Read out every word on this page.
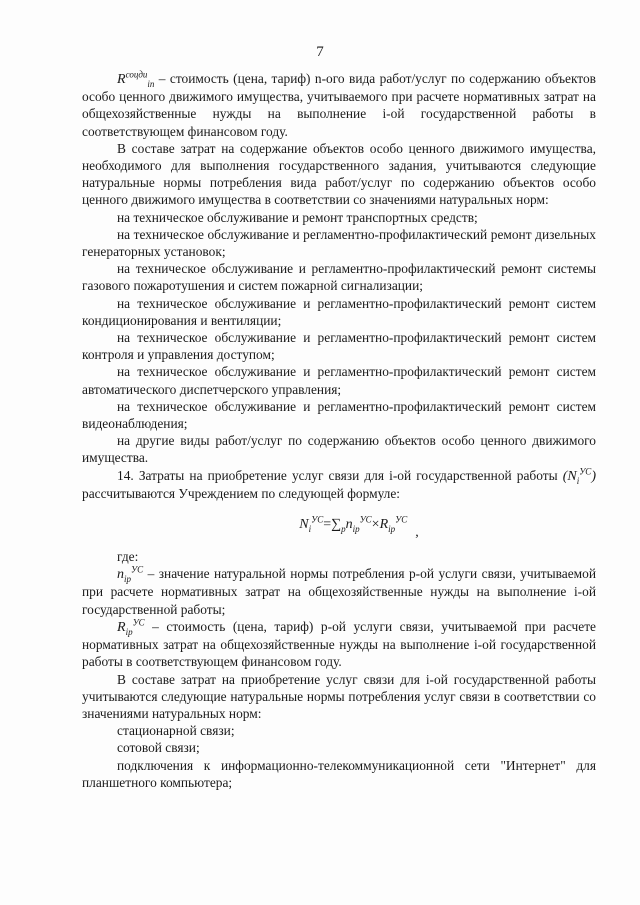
7

$R^{соцди}_{in}$ – стоимость (цена, тариф) n-ого вида работ/услуг по содержанию объектов особо ценного движимого имущества, учитываемого при расчете нормативных затрат на общехозяйственные нужды на выполнение i-ой государственной работы в соответствующем финансовом году.

В составе затрат на содержание объектов особо ценного движимого имущества, необходимого для выполнения государственного задания, учитываются следующие натуральные нормы потребления вида работ/услуг по содержанию объектов особо ценного движимого имущества в соответствии со значениями натуральных норм:

на техническое обслуживание и ремонт транспортных средств;

на техническое обслуживание и регламентно-профилактический ремонт дизельных генераторных установок;

на техническое обслуживание и регламентно-профилактический ремонт системы газового пожаротушения и систем пожарной сигнализации;

на техническое обслуживание и регламентно-профилактический ремонт систем кондиционирования и вентиляции;

на техническое обслуживание и регламентно-профилактический ремонт систем контроля и управления доступом;

на техническое обслуживание и регламентно-профилактический ремонт систем автоматического диспетчерского управления;

на техническое обслуживание и регламентно-профилактический ремонт систем видеонаблюдения;

на другие виды работ/услуг по содержанию объектов особо ценного движимого имущества.

14. Затраты на приобретение услуг связи для i-ой государственной работы $(N_i^{УС})$ рассчитываются Учреждением по следующей формуле:

$N_i^{УС} = \sum_p$ $n_{ip}^{УС} \times R_{ip}^{УС}$
,

где:

$n_{ip}^{УС}$ – значение натуральной нормы потребления р-ой услуги связи, учитываемой при расчете нормативных затрат на общехозяйственные нужды на выполнение i-ой государственной работы;

$R_{ip}^{УС}$ – стоимость (цена, тариф) р-ой услуги связи, учитываемой при расчете нормативных затрат на общехозяйственные нужды на выполнение i-ой государственной работы в соответствующем финансовом году.

В составе затрат на приобретение услуг связи для i-ой государственной работы учитываются следующие натуральные нормы потребления услуг связи в соответствии со значениями натуральных норм:

стационарной связи;

сотовой связи;

подключения к информационно-телекоммуникационной сети "Интернет" для планшетного компьютера;
